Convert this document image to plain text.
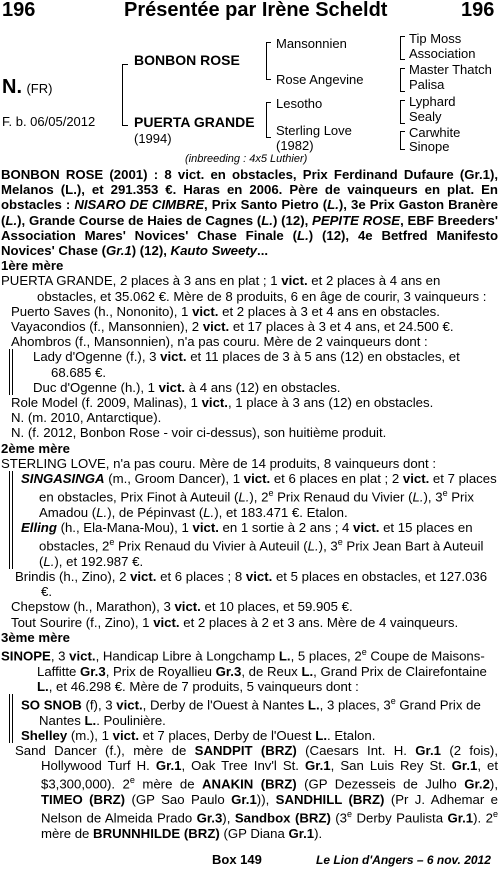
196	Présentée par Irène Scheldt	196
N. (FR)
F. b. 06/05/2012
BONBON ROSE
PUERTA GRANDE
(1994)
Mansonnien
Rose Angevine
Lesotho
Sterling Love
(1982)
Tip Moss
Association
Master Thatch
Palisa
Lyphard
Sealy
Carwhite
Sinope
(inbreeding : 4x5 Luthier)

BONBON ROSE (2001) : 8 vict. en obstacles, Prix Ferdinand Dufaure (Gr.1), Melanos (L.), et 291.353 €. Haras en 2006. Père de vainqueurs en plat. En obstacles : NISARO DE CIMBRE, Prix Santo Pietro (L.), 3e Prix Gaston Branère (L.), Grande Course de Haies de Cagnes (L.) (12), PEPITE ROSE, EBF Breeders' Association Mares' Novices' Chase Finale (L.) (12), 4e Betfred Manifesto Novices' Chase (Gr.1) (12), Kauto Sweety...

1ère mère

PUERTA GRANDE, 2 places à 3 ans en plat ; 1 vict. et 2 places à 4 ans en obstacles, et 35.062 €. Mère de 8 produits, 6 en âge de courir, 3 vainqueurs :

Puerto Saves (h., Nononito), 1 vict. et 2 places à 3 et 4 ans en obstacles.

Vayacondios (f., Mansonnien), 2 vict. et 17 places à 3 et 4 ans, et 24.500 €.

Ahombros (f., Mansonnien), n'a pas couru. Mère de 2 vainqueurs dont :

Lady d'Ogenne (f.), 3 vict. et 11 places de 3 à 5 ans (12) en obstacles, et 68.685 €.

Duc d'Ogenne (h.), 1 vict. à 4 ans (12) en obstacles.

Role Model (f. 2009, Malinas), 1 vict., 1 place à 3 ans (12) en obstacles.

N. (m. 2010, Antarctique).

N. (f. 2012, Bonbon Rose - voir ci-dessus), son huitième produit.

2ème mère

STERLING LOVE, n'a pas couru. Mère de 14 produits, 8 vainqueurs dont :

SINGASINGA (m., Groom Dancer), 1 vict. et 6 places en plat ; 2 vict. et 7 places en obstacles, Prix Finot à Auteuil (L.), 2e Prix Renaud du Vivier (L.), 3e Prix Amadou (L.), de Pépinvast (L.), et 183.471 €. Etalon.

Elling (h., Ela-Mana-Mou), 1 vict. en 1 sortie à 2 ans ; 4 vict. et 15 places en obstacles, 2e Prix Renaud du Vivier à Auteuil (L.), 3e Prix Jean Bart à Auteuil (L.), et 192.987 €.

Brindis (h., Zino), 2 vict. et 6 places ; 8 vict. et 5 places en obstacles, et 127.036 €.

Chepstow (h., Marathon), 3 vict. et 10 places, et 59.905 €.

Tout Sourire (f., Zino), 1 vict. et 2 places à 2 et 3 ans. Mère de 4 vainqueurs.

3ème mère

SINOPE, 3 vict., Handicap Libre à Longchamp L., 5 places, 2e Coupe de Maisons-Laffitte Gr.3, Prix de Royallieu Gr.3, de Reux L., Grand Prix de Clairefontaine L., et 46.298 €. Mère de 7 produits, 5 vainqueurs dont :

SO SNOB (f), 3 vict., Derby de l'Ouest à Nantes L., 3 places, 3e Grand Prix de Nantes L.. Poulinière.

Shelley (m.), 1 vict. et 7 places, Derby de l'Ouest L.. Etalon.

Sand Dancer (f.), mère de SANDPIT (BRZ) (Caesars Int. H. Gr.1 (2 fois), Hollywood Turf H. Gr.1, Oak Tree Inv'l St. Gr.1, San Luis Rey St. Gr.1, et $3,300,000). 2e mère de ANAKIN (BRZ) (GP Dezesseis de Julho Gr.2), TIMEO (BRZ) (GP Sao Paulo Gr.1)), SANDHILL (BRZ) (Pr J. Adhemar e Nelson de Almeida Prado Gr.3), Sandbox (BRZ) (3e Derby Paulista Gr.1). 2e mère de BRUNNHILDE (BRZ) (GP Diana Gr.1).

Box 149	Le Lion d'Angers – 6 nov. 2012
